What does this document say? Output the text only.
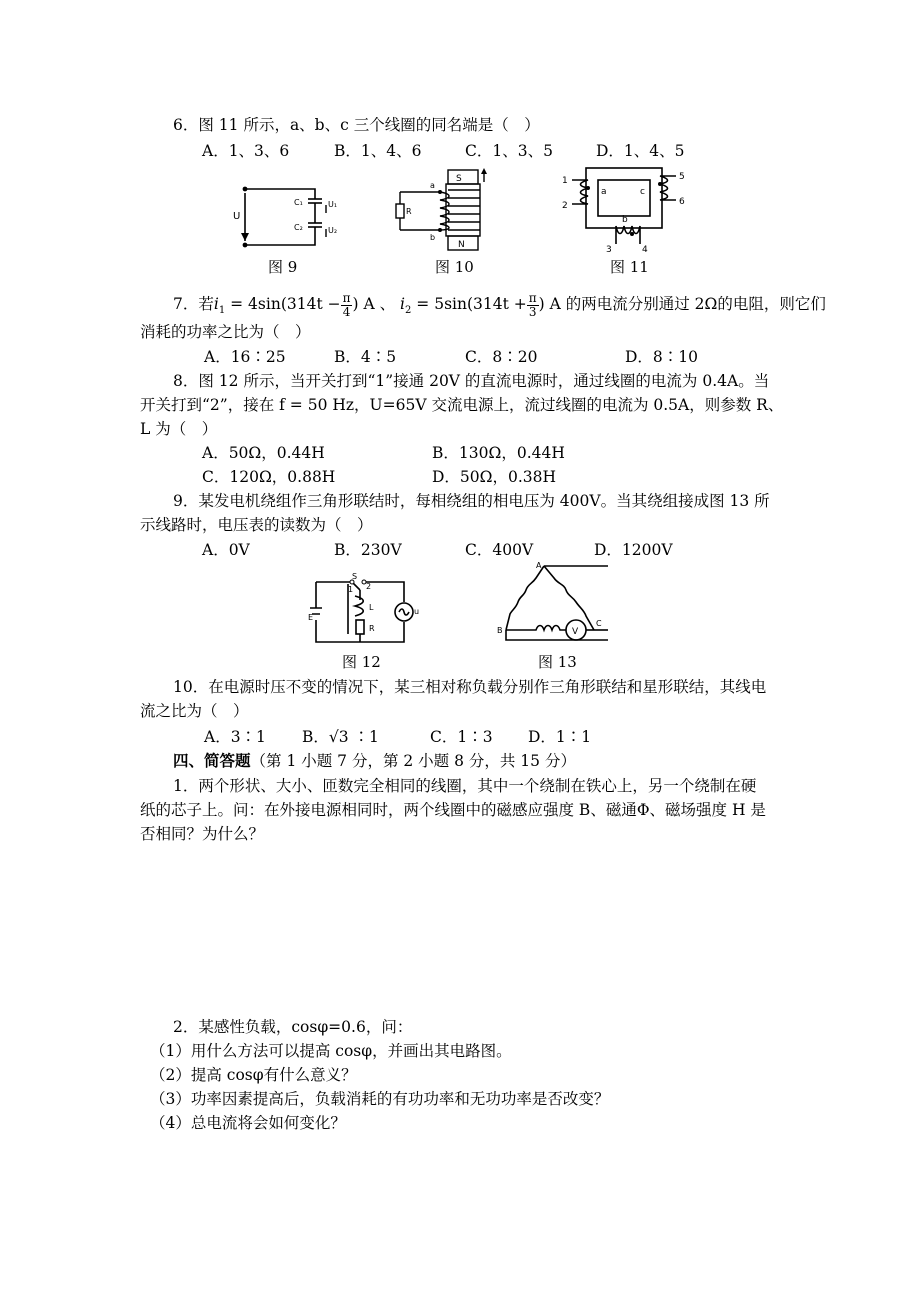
6．图 11 所示，a、b、c 三个线圈的同名端是（　）
A．1、3、6	B．1、4、6	C．1、3、5	D．1、4、5
U
C₁
C₂
U₁
U₂
S
N
a
b
R
1
2
3	4
5
6
a
b
c
图 9	图 10	图 11
7．若$i_1 = 4\sin(314t - \frac{\pi}{4}$ ) A 、 $i_2 = 5\sin(314t + \frac{\pi}{3}$ ) A 的两电流分别通过 2Ω的电阻，则它们
消耗的功率之比为（　）
A．16∶25	B．4∶5	C．8∶20	D．8∶10
8．图 12 所示，当开关打到“1”接通 20V 的直流电源时，通过线圈的电流为 0.4A。当
开关打到“2”，接在 f = 50 Hz，U=65V 交流电源上，流过线圈的电流为 0.5A，则参数 R、
L 为（　）
A．50Ω，0.44H	B．130Ω，0.44H
C．120Ω，0.88H	D．50Ω，0.38H
9．某发电机绕组作三角形联结时，每相绕组的相电压为 400V。当其绕组接成图 13 所
示线路时，电压表的读数为（　）
A．0V	B．230V	C．400V	D．1200V
S
1 2
E
L
R
u
A
B
C
V
图 12	图 13
10．在电源时压不变的情况下，某三相对称负载分别作三角形联结和星形联结，其线电
流之比为（　）
A．3∶1 B．√3 ∶1	C．1∶3 D．1∶1
四、简答题（第 1 小题 7 分，第 2 小题 8 分，共 15 分）
1．两个形状、大小、匝数完全相同的线圈，其中一个绕制在铁心上，另一个绕制在硬
纸的芯子上。问：在外接电源相同时，两个线圈中的磁感应强度 B、磁通Φ、磁场强度 H 是
否相同？为什么？
2．某感性负载，cosφ=0.6，问：
（1）用什么方法可以提高 cosφ，并画出其电路图。
（2）提高 cosφ有什么意义？
（3）功率因素提高后，负载消耗的有功功率和无功功率是否改变？
（4）总电流将会如何变化？
